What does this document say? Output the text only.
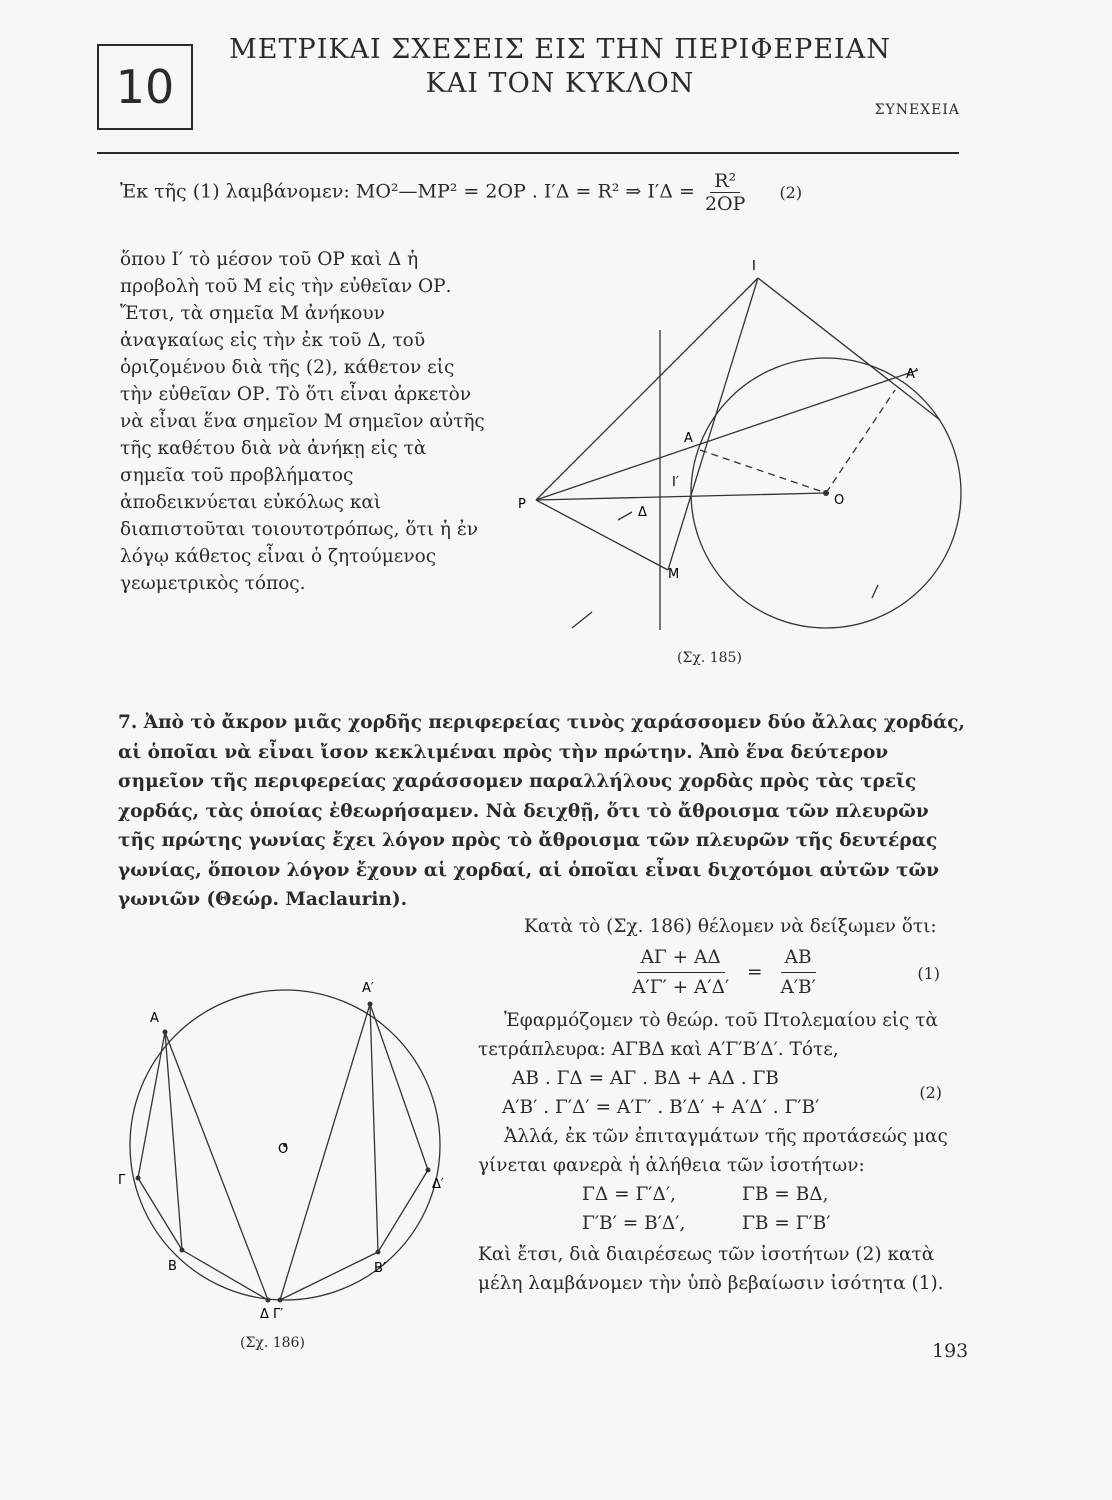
10
ΜΕΤΡΙΚΑΙ ΣΧΕΣΕΙΣ ΕΙΣ ΤΗΝ ΠΕΡΙΦΕΡΕΙΑΝ
ΚΑΙ ΤΟΝ ΚΥΚΛΟΝ
ΣΥΝΕΧΕΙΑ
Ἐκ τῆς (1) λαμβάνομεν: ΜΟ²—ΜΡ² = 2ΟΡ . Ι′Δ = R² ⇒ $I'\Delta = \frac{\text{R²}}{2OP} (2)$
ὅπου Ι′ τὸ μέσον τοῦ ΟΡ καὶ Δ ἡ προβολὴ τοῦ Μ εἰς τὴν εὐθεῖαν ΟΡ. Ἔτσι, τὰ σημεῖα Μ ἀνήκουν ἀναγκαίως εἰς τὴν ἐκ τοῦ Δ, τοῦ ὁριζομένου διὰ τῆς (2), κάθετον εἰς τὴν εὐθεῖαν ΟΡ. Τὸ ὅτι εἶναι ἀρκετὸν νὰ εἶναι ἕνα σημεῖον Μ σημεῖον αὐτῆς τῆς καθέτου διὰ νὰ ἀνήκῃ εἰς τὰ σημεῖα τοῦ προβλήματος ἀποδεικνύεται εὐκόλως καὶ διαπιστοῦται τοιουτοτρόπως, ὅτι ἡ ἐν λόγῳ κάθετος εἶναι ὁ ζητούμενος γεωμετρικὸς τόπος.
I
A′
A
I′
O
P
Δ
M
(Σχ. 185)
7. Ἀπὸ τὸ ἄκρον μιᾶς χορδῆς περιφερείας τινὸς χαράσσομεν δύο ἄλλας χορδάς, αἱ ὁποῖαι νὰ εἶναι ἴσον κεκλιμέναι πρὸς τὴν πρώτην. Ἀπὸ ἕνα δεύτερον σημεῖον τῆς περιφερείας χαράσσομεν παραλλήλους χορδὰς πρὸς τὰς τρεῖς χορδάς, τὰς ὁποίας ἐθεωρήσαμεν. Νὰ δειχθῇ, ὅτι τὸ ἄθροισμα τῶν πλευρῶν τῆς πρώτης γωνίας ἔχει λόγον πρὸς τὸ ἄθροισμα τῶν πλευρῶν τῆς δευτέρας γωνίας, ὅποιον λόγον ἔχουν αἱ χορδαί, αἱ ὁποῖαι εἶναι διχοτόμοι αὐτῶν τῶν γωνιῶν (Θεώρ. Maclaurin).
Κατὰ τὸ (Σχ. 186) θέλομεν νὰ δείξωμεν ὅτι:
$\frac{A\Gamma + A\Delta}{A'\Gamma' + A'\Delta'} = \frac{AB}{A'B'}$	(1)
Ἐφαρμόζομεν τὸ θεώρ. τοῦ Πτολεμαίου εἰς τὰ τετράπλευρα: ΑΓΒΔ καὶ Α′Γ′Β′Δ′. Τότε,
ΑΒ . ΓΔ = ΑΓ . ΒΔ + ΑΔ . ΓΒ
Α′Β′ . Γ′Δ′ = Α′Γ′ . Β′Δ′ + Α′Δ′ . Γ′Β′
(2)
Ἀλλά, ἐκ τῶν ἐπιταγμάτων τῆς προτάσεώς μας γίνεται φανερὰ ἡ ἀλήθεια τῶν ἰσοτήτων:
ΓΔ = Γ′Δ′,	ΓΒ = ΒΔ,
Γ′Β′ = Β′Δ′,	ΓΒ = Γ′Β′
Καὶ ἔτσι, διὰ διαιρέσεως τῶν ἰσοτήτων (2) κατὰ μέλη λαμβάνομεν τὴν ὑπὸ βεβαίωσιν ἰσότητα (1).
A
A′
O
Γ	Δ′
B	B′
Δ Γ′
(Σχ. 186)	193
